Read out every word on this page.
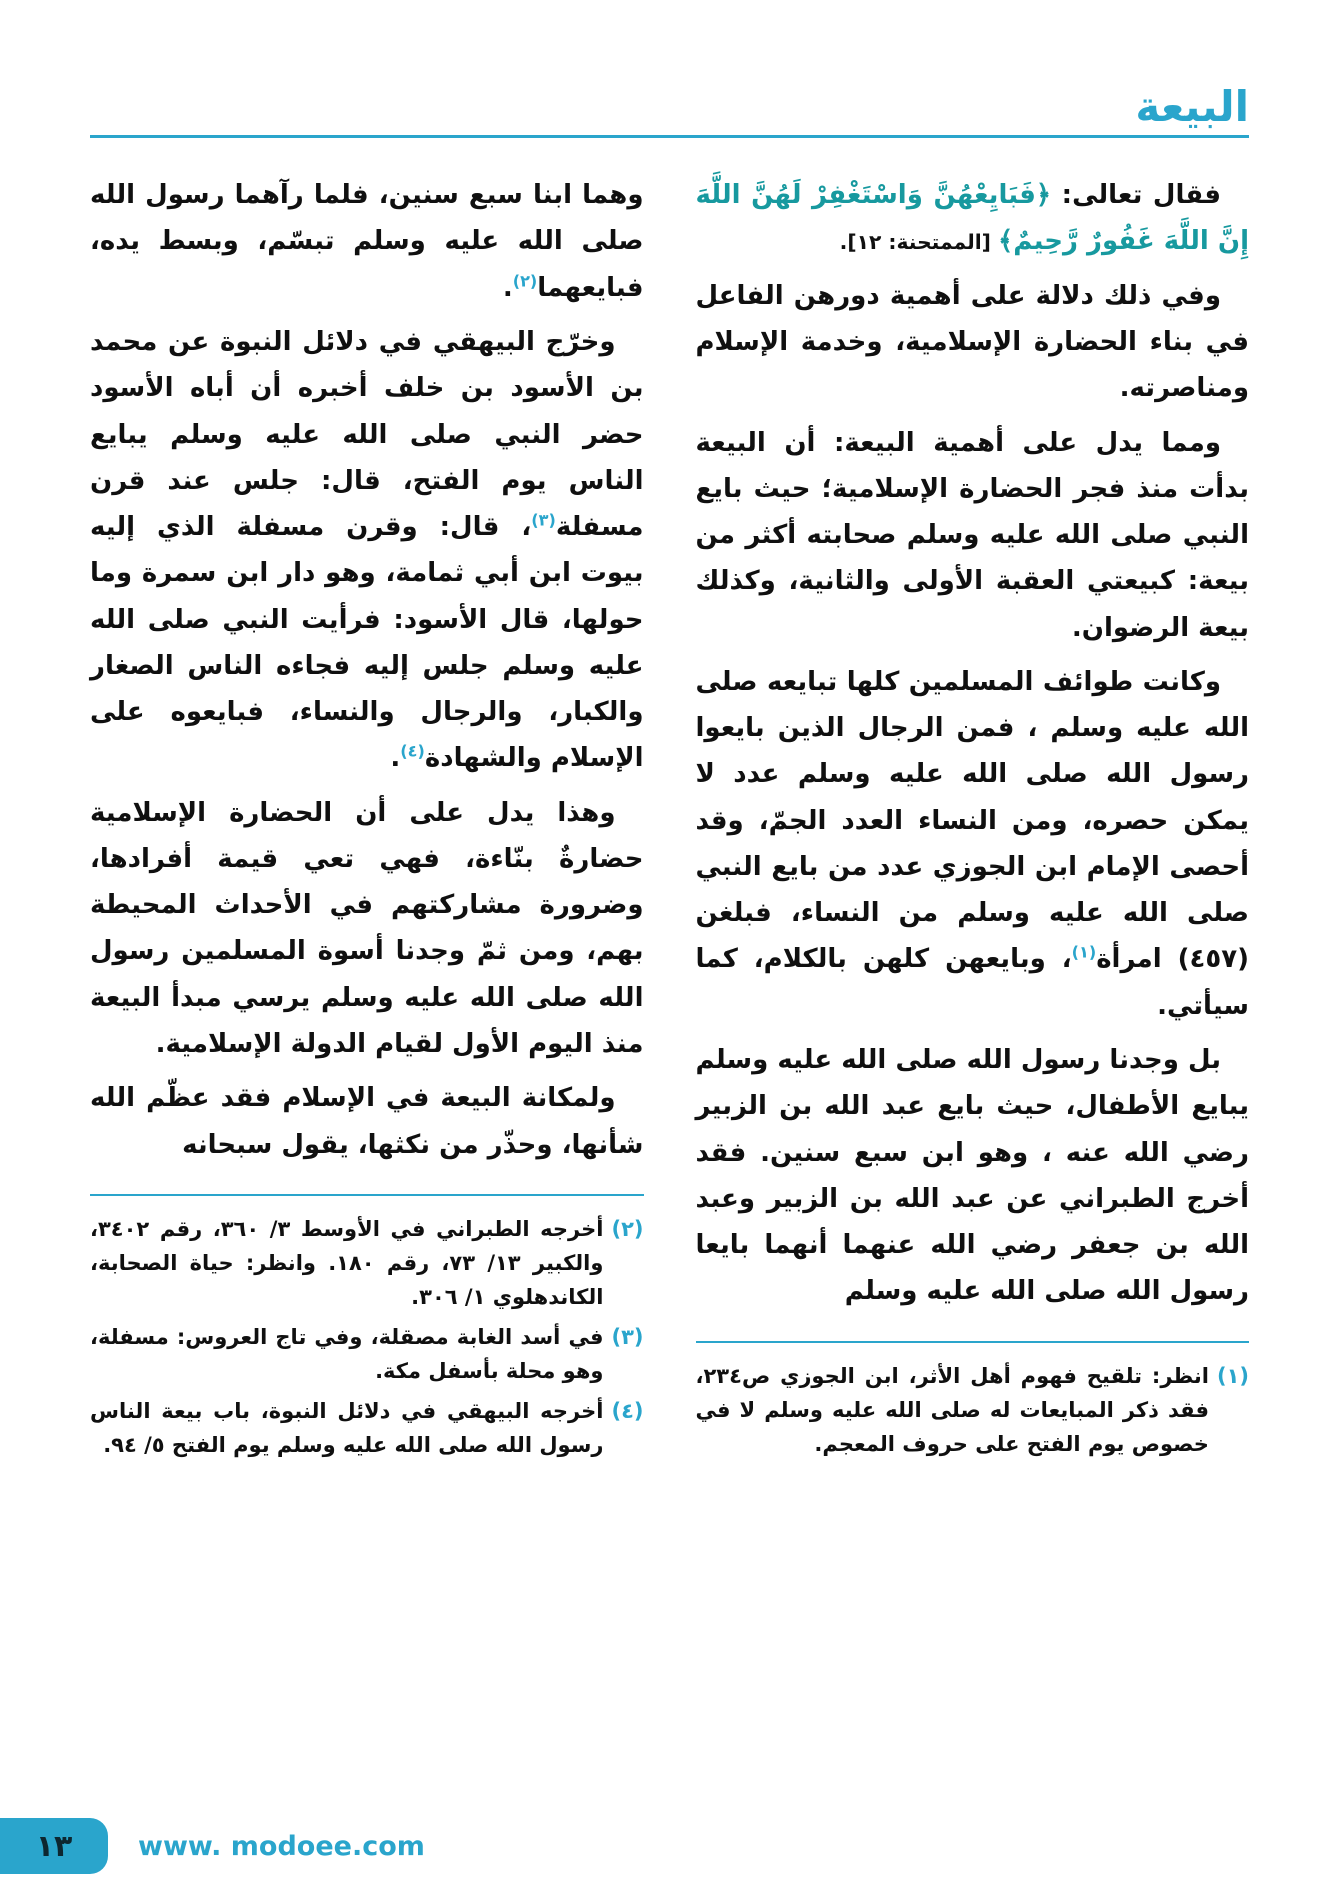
البيعة

فقال تعالى: ﴿فَبَايِعْهُنَّ وَاسْتَغْفِرْ لَهُنَّ اللَّهَ إِنَّ اللَّهَ غَفُورٌ رَّحِيمٌ﴾ [الممتحنة: ١٢].

وفي ذلك دلالة على أهمية دورهن الفاعل في بناء الحضارة الإسلامية، وخدمة الإسلام ومناصرته.

ومما يدل على أهمية البيعة: أن البيعة بدأت منذ فجر الحضارة الإسلامية؛ حيث بايع النبي صلى الله عليه وسلم صحابته أكثر من بيعة: كبيعتي العقبة الأولى والثانية، وكذلك بيعة الرضوان.

وكانت طوائف المسلمين كلها تبايعه صلى الله عليه وسلم ، فمن الرجال الذين بايعوا رسول الله صلى الله عليه وسلم عدد لا يمكن حصره، ومن النساء العدد الجمّ، وقد أحصى الإمام ابن الجوزي عدد من بايع النبي صلى الله عليه وسلم من النساء، فبلغن (٤٥٧) امرأة$^{(١)}$، وبايعهن كلهن بالكلام، كما سيأتي.

بل وجدنا رسول الله صلى الله عليه وسلم يبايع الأطفال، حيث بايع عبد الله بن الزبير رضي الله عنه ، وهو ابن سبع سنين. فقد أخرج الطبراني عن عبد الله بن الزبير وعبد الله بن جعفر رضي الله عنهما أنهما بايعا رسول الله صلى الله عليه وسلم

(١)
انظر: تلقيح فهوم أهل الأثر، ابن الجوزي ص٢٣٤، فقد ذكر المبايعات له صلى الله عليه وسلم لا في خصوص يوم الفتح على حروف المعجم.

وهما ابنا سبع سنين، فلما رآهما رسول الله صلى الله عليه وسلم تبسّم، وبسط يده، فبايعهما$^{(٢)}$.

وخرّج البيهقي في دلائل النبوة عن محمد بن الأسود بن خلف أخبره أن أباه الأسود حضر النبي صلى الله عليه وسلم يبايع الناس يوم الفتح، قال: جلس عند قرن مسفلة$^{(٣)}$، قال: وقرن مسفلة الذي إليه بيوت ابن أبي ثمامة، وهو دار ابن سمرة وما حولها، قال الأسود: فرأيت النبي صلى الله عليه وسلم جلس إليه فجاءه الناس الصغار والكبار، والرجال والنساء، فبايعوه على الإسلام والشهادة$^{(٤)}$.

وهذا يدل على أن الحضارة الإسلامية حضارةٌ بنّاءة، فهي تعي قيمة أفرادها، وضرورة مشاركتهم في الأحداث المحيطة بهم، ومن ثمّ وجدنا أسوة المسلمين رسول الله صلى الله عليه وسلم يرسي مبدأ البيعة منذ اليوم الأول لقيام الدولة الإسلامية.

ولمكانة البيعة في الإسلام فقد عظّم الله شأنها، وحذّر من نكثها، يقول سبحانه

(٢)
أخرجه الطبراني في الأوسط ٣/ ٣٦٠، رقم ٣٤٠٢، والكبير ١٣/ ٧٣، رقم ١٨٠. وانظر: حياة الصحابة، الكاندهلوي ١/ ٣٠٦.
(٣)
في أسد الغابة مصقلة، وفي تاج العروس: مسفلة، وهو محلة بأسفل مكة.
(٤)
أخرجه البيهقي في دلائل النبوة، باب بيعة الناس رسول الله صلى الله عليه وسلم يوم الفتح ٥/ ٩٤.
١٣ www. modoee.com
